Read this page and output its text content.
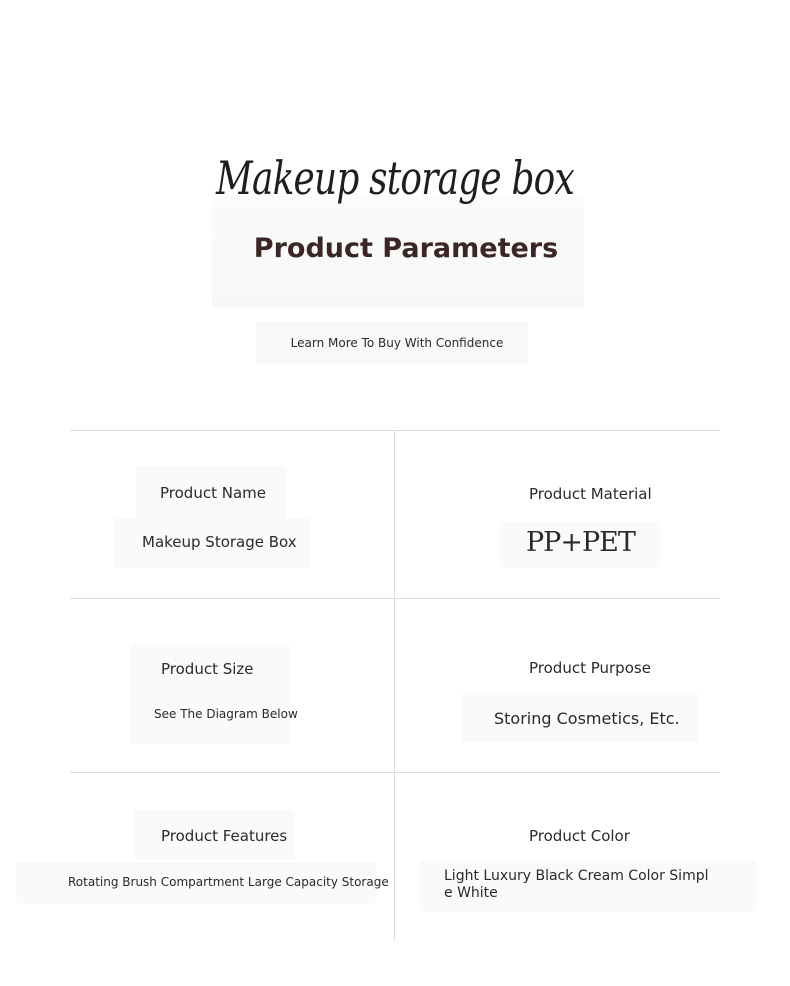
Makeup storage box
Product Parameters
Learn More To Buy With Confidence
Product Name
Makeup Storage Box
Product Material
PP+PET
Product Size
See The Diagram Below
Product Purpose
Storing Cosmetics, Etc.
Product Features
Rotating Brush Compartment Large Capacity Storage
Product Color
Light Luxury Black Cream Color Simple White
